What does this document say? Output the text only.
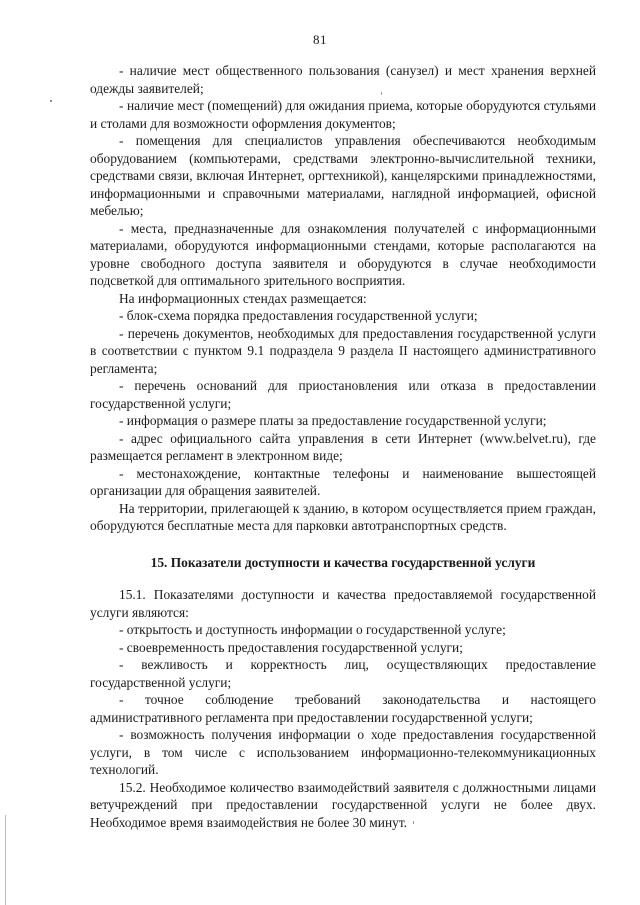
81

- наличие мест общественного пользования (санузел) и мест хранения верхней одежды заявителей;

- наличие мест (помещений) для ожидания приема, которые оборудуются стульями и столами для возможности оформления документов;

- помещения для специалистов управления обеспечиваются необходимым оборудованием (компьютерами, средствами электронно-вычислительной техники, средствами связи, включая Интернет, оргтехникой), канцелярскими принадлежностями, информационными и справочными материалами, наглядной информацией, офисной мебелью;

- места, предназначенные для ознакомления получателей с информационными материалами, оборудуются информационными стендами, которые располагаются на уровне свободного доступа заявителя и оборудуются в случае необходимости подсветкой для оптимального зрительного восприятия.

На информационных стендах размещается:

- блок-схема порядка предоставления государственной услуги;

- перечень документов, необходимых для предоставления государственной услуги в соответствии с пунктом 9.1 подраздела 9 раздела II настоящего административного регламента;

- перечень оснований для приостановления или отказа в предоставлении государственной услуги;

- информация о размере платы за предоставление государственной услуги;

- адрес официального сайта управления в сети Интернет (www.belvet.ru), где размещается регламент в электронном виде;

- местонахождение, контактные телефоны и наименование вышестоящей организации для обращения заявителей.

На территории, прилегающей к зданию, в котором осуществляется прием граждан, оборудуются бесплатные места для парковки автотранспортных средств.

15. Показатели доступности и качества государственной услуги

15.1. Показателями доступности и качества предоставляемой государственной услуги являются:

- открытость и доступность информации о государственной услуге;

- своевременность предоставления государственной услуги;

- вежливость и корректность лиц, осуществляющих предоставление государственной услуги;

- точное соблюдение требований законодательства и настоящего административного регламента при предоставлении государственной услуги;

- возможность получения информации о ходе предоставления государственной услуги, в том числе с использованием информационно-телекоммуникационных технологий.

15.2. Необходимое количество взаимодействий заявителя с должностными лицами ветучреждений при предоставлении государственной услуги не более двух. Необходимое время взаимодействия не более 30 минут.
